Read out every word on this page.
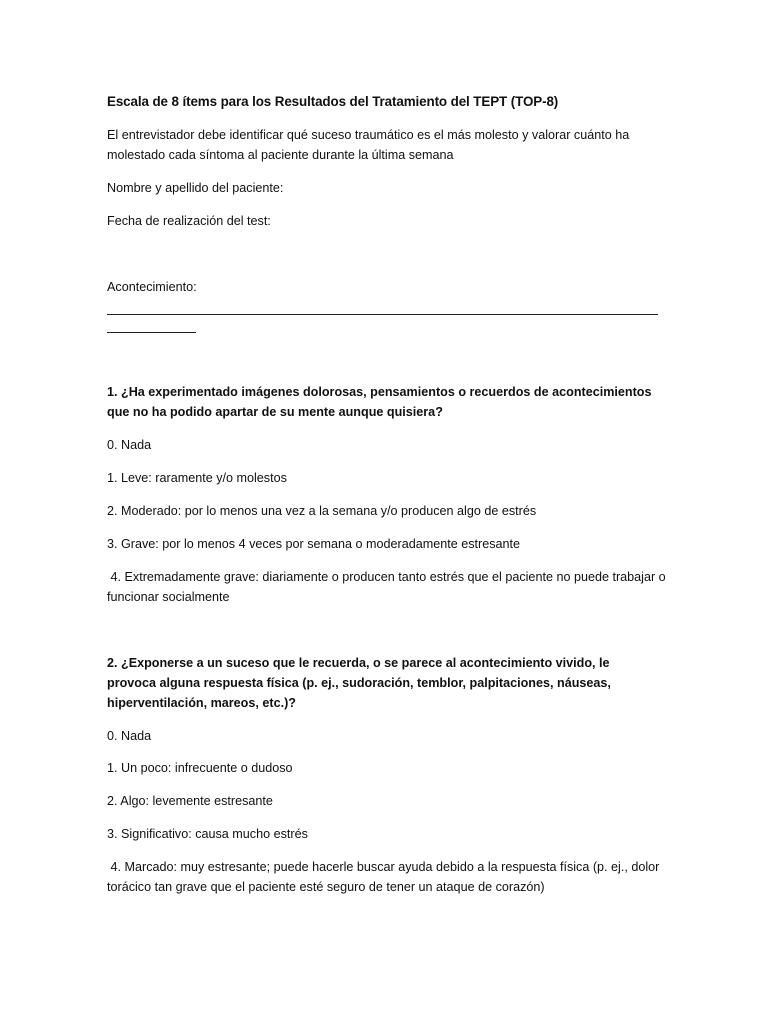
Escala de 8 ítems para los Resultados del Tratamiento del TEPT (TOP-8)

El entrevistador debe identificar qué suceso traumático es el más molesto y valorar cuánto ha molestado cada síntoma al paciente durante la última semana

Nombre y apellido del paciente:

Fecha de realización del test:

Acontecimiento:

1. ¿Ha experimentado imágenes dolorosas, pensamientos o recuerdos de acontecimientos que no ha podido apartar de su mente aunque quisiera?

0. Nada

1. Leve: raramente y/o molestos

2. Moderado: por lo menos una vez a la semana y/o producen algo de estrés

3. Grave: por lo menos 4 veces por semana o moderadamente estresante

4. Extremadamente grave: diariamente o producen tanto estrés que el paciente no puede trabajar o funcionar socialmente

2. ¿Exponerse a un suceso que le recuerda, o se parece al acontecimiento vivido, le provoca alguna respuesta física (p. ej., sudoración, temblor, palpitaciones, náuseas, hiperventilación, mareos, etc.)?

0. Nada

1. Un poco: infrecuente o dudoso

2. Algo: levemente estresante

3. Significativo: causa mucho estrés

4. Marcado: muy estresante; puede hacerle buscar ayuda debido a la respuesta física (p. ej., dolor torácico tan grave que el paciente esté seguro de tener un ataque de corazón)
